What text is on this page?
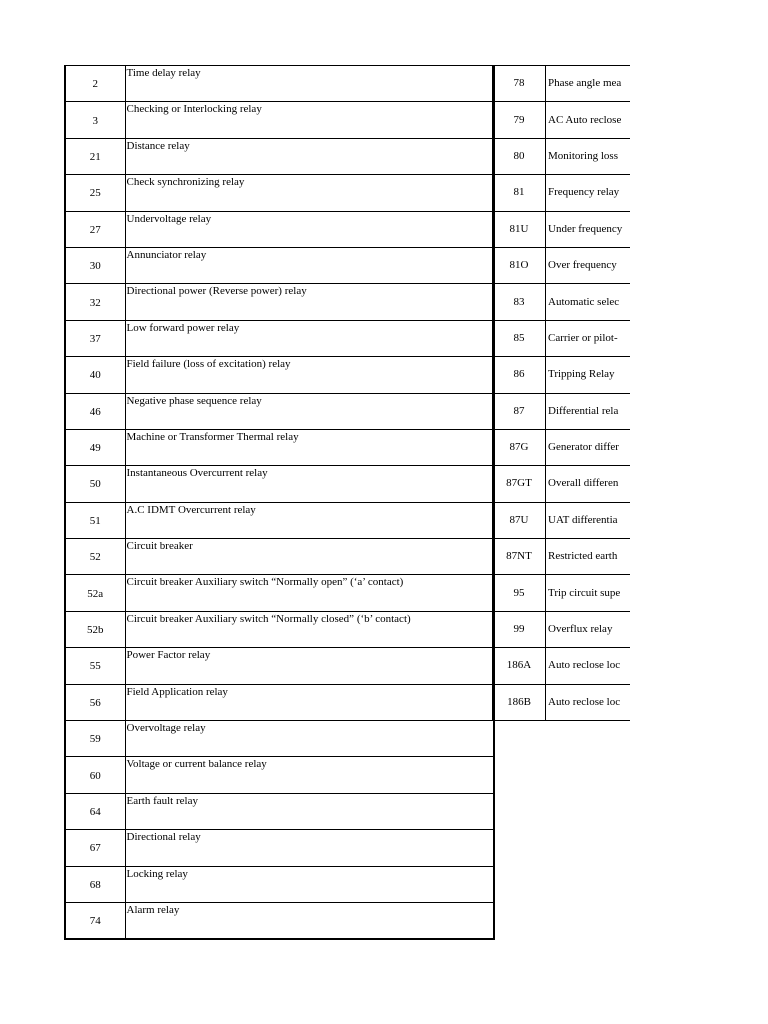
2	Time delay relay
3	Checking or Interlocking relay
21	Distance relay
25	Check synchronizing relay
27	Undervoltage relay
30	Annunciator relay
32	Directional power (Reverse power) relay
37	Low forward power relay
40	Field failure (loss of excitation) relay
46	Negative phase sequence relay
49	Machine or Transformer Thermal relay
50	Instantaneous Overcurrent relay
51	A.C IDMT Overcurrent relay
52	Circuit breaker
52a	Circuit breaker Auxiliary switch “Normally open” (‘a’ contact)
52b	Circuit breaker Auxiliary switch “Normally closed” (‘b’ contact)
55	Power Factor relay
56	Field Application relay
59	Overvoltage relay
60	Voltage or current balance relay
64	Earth fault relay
67	Directional relay
68	Locking relay
74	Alarm relay
78	Phase angle mea
79	AC Auto reclose
80	Monitoring loss
81	Frequency relay
81U	Under frequency
81O	Over frequency
83	Automatic selec
85	Carrier or pilot-
86	Tripping Relay
87	Differential rela
87G	Generator differ
87GT	Overall differen
87U	UAT differentia
87NT	Restricted earth
95	Trip circuit supe
99	Overflux relay
186A	Auto reclose loc
186B	Auto reclose loc
